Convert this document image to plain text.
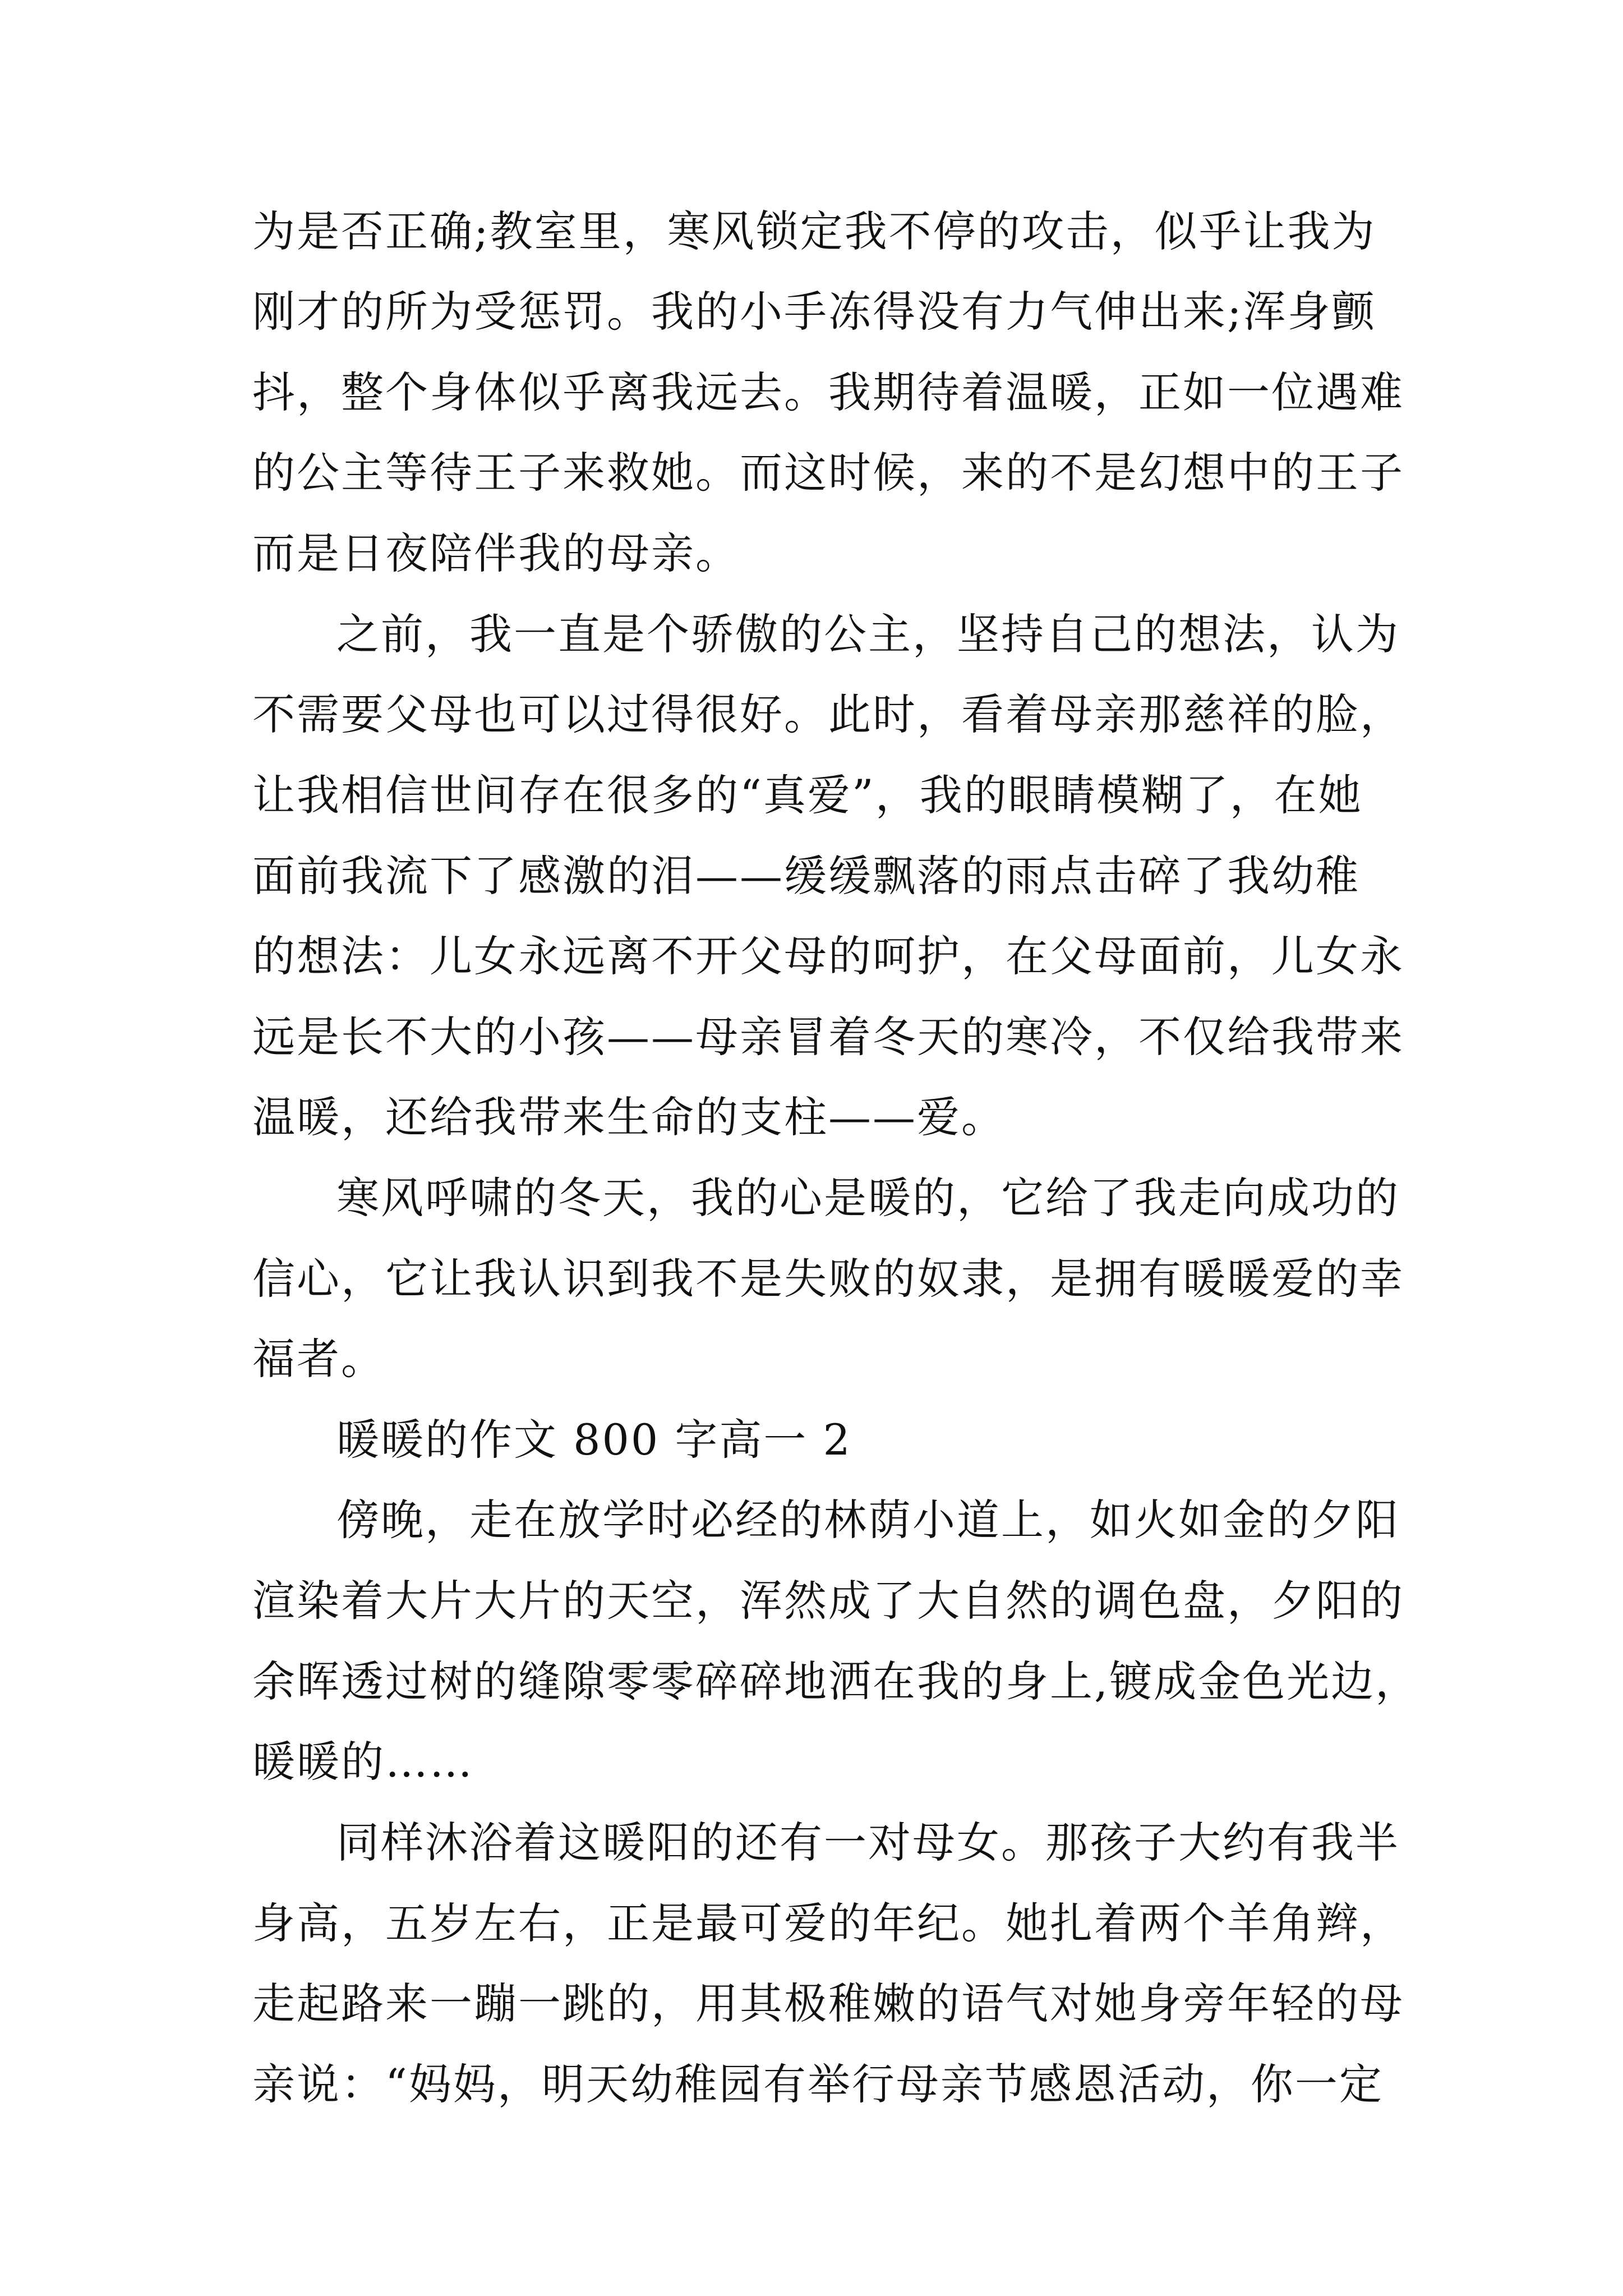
为是否正确;教室里，寒风锁定我不停的攻击，似乎让我为
刚才的所为受惩罚。我的小手冻得没有力气伸出来;浑身颤
抖，整个身体似乎离我远去。我期待着温暖，正如一位遇难
的公主等待王子来救她。而这时候，来的不是幻想中的王子
而是日夜陪伴我的母亲。
之前，我一直是个骄傲的公主，坚持自己的想法，认为
不需要父母也可以过得很好。此时，看着母亲那慈祥的脸，
让我相信世间存在很多的“真爱”，我的眼睛模糊了，在她
面前我流下了感激的泪——缓缓飘落的雨点击碎了我幼稚
的想法：儿女永远离不开父母的呵护，在父母面前，儿女永
远是长不大的小孩——母亲冒着冬天的寒冷，不仅给我带来
温暖，还给我带来生命的支柱——爱。
寒风呼啸的冬天，我的心是暖的，它给了我走向成功的
信心，它让我认识到我不是失败的奴隶，是拥有暖暖爱的幸
福者。
暖暖的作文 800 字高一 2
傍晚，走在放学时必经的林荫小道上，如火如金的夕阳
渲染着大片大片的天空，浑然成了大自然的调色盘，夕阳的
余晖透过树的缝隙零零碎碎地洒在我的身上,镀成金色光边，
暖暖的……
同样沐浴着这暖阳的还有一对母女。那孩子大约有我半
身高，五岁左右，正是最可爱的年纪。她扎着两个羊角辫，
走起路来一蹦一跳的，用其极稚嫩的语气对她身旁年轻的母
亲说：“妈妈，明天幼稚园有举行母亲节感恩活动，你一定
